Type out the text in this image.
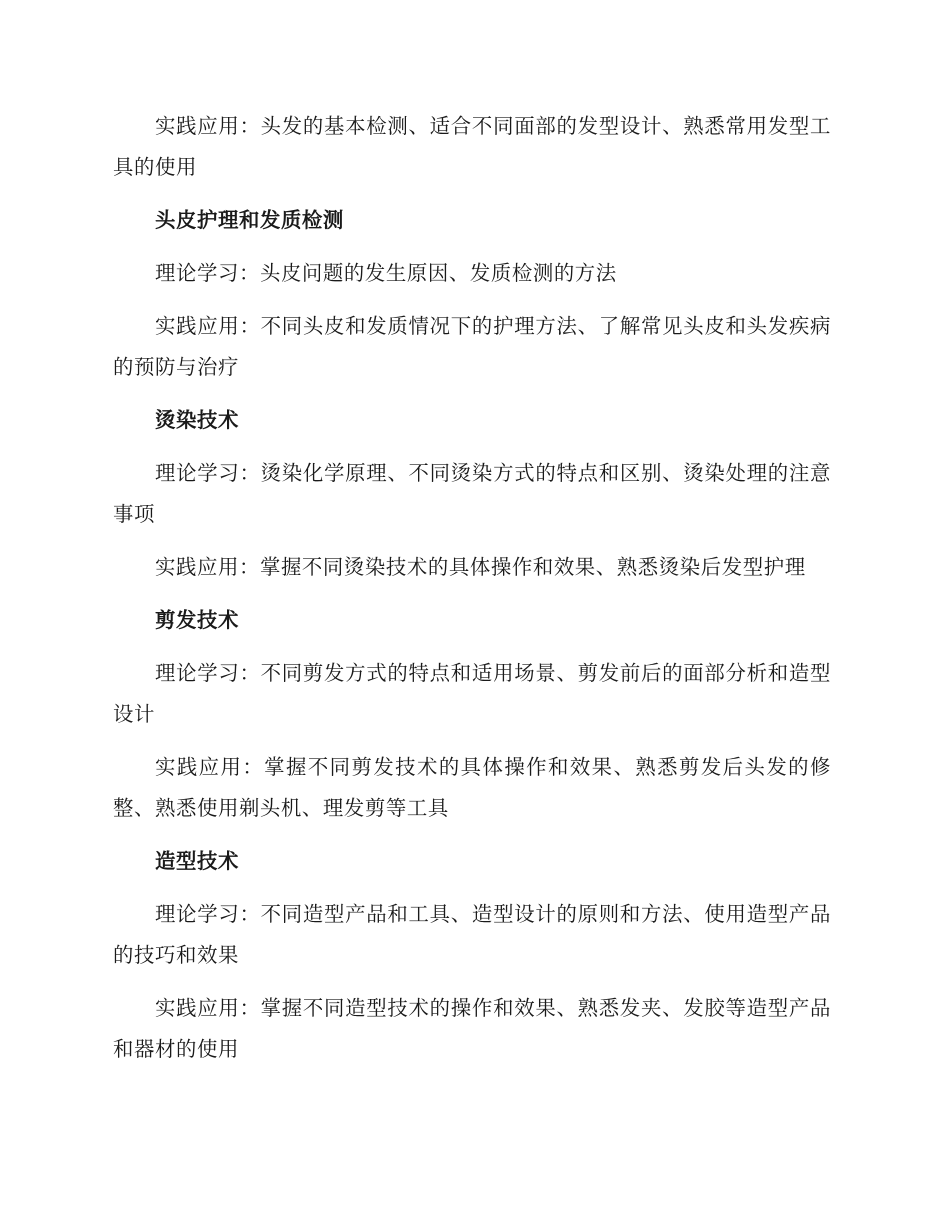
实践应用：头发的基本检测、适合不同面部的发型设计、熟悉常用发型工具的使用

头皮护理和发质检测

理论学习：头皮问题的发生原因、发质检测的方法

实践应用：不同头皮和发质情况下的护理方法、了解常见头皮和头发疾病的预防与治疗

烫染技术

理论学习：烫染化学原理、不同烫染方式的特点和区别、烫染处理的注意事项

实践应用：掌握不同烫染技术的具体操作和效果、熟悉烫染后发型护理

剪发技术

理论学习：不同剪发方式的特点和适用场景、剪发前后的面部分析和造型设计

实践应用：掌握不同剪发技术的具体操作和效果、熟悉剪发后头发的修整、熟悉使用剃头机、理发剪等工具

造型技术

理论学习：不同造型产品和工具、造型设计的原则和方法、使用造型产品的技巧和效果

实践应用：掌握不同造型技术的操作和效果、熟悉发夹、发胶等造型产品和器材的使用
